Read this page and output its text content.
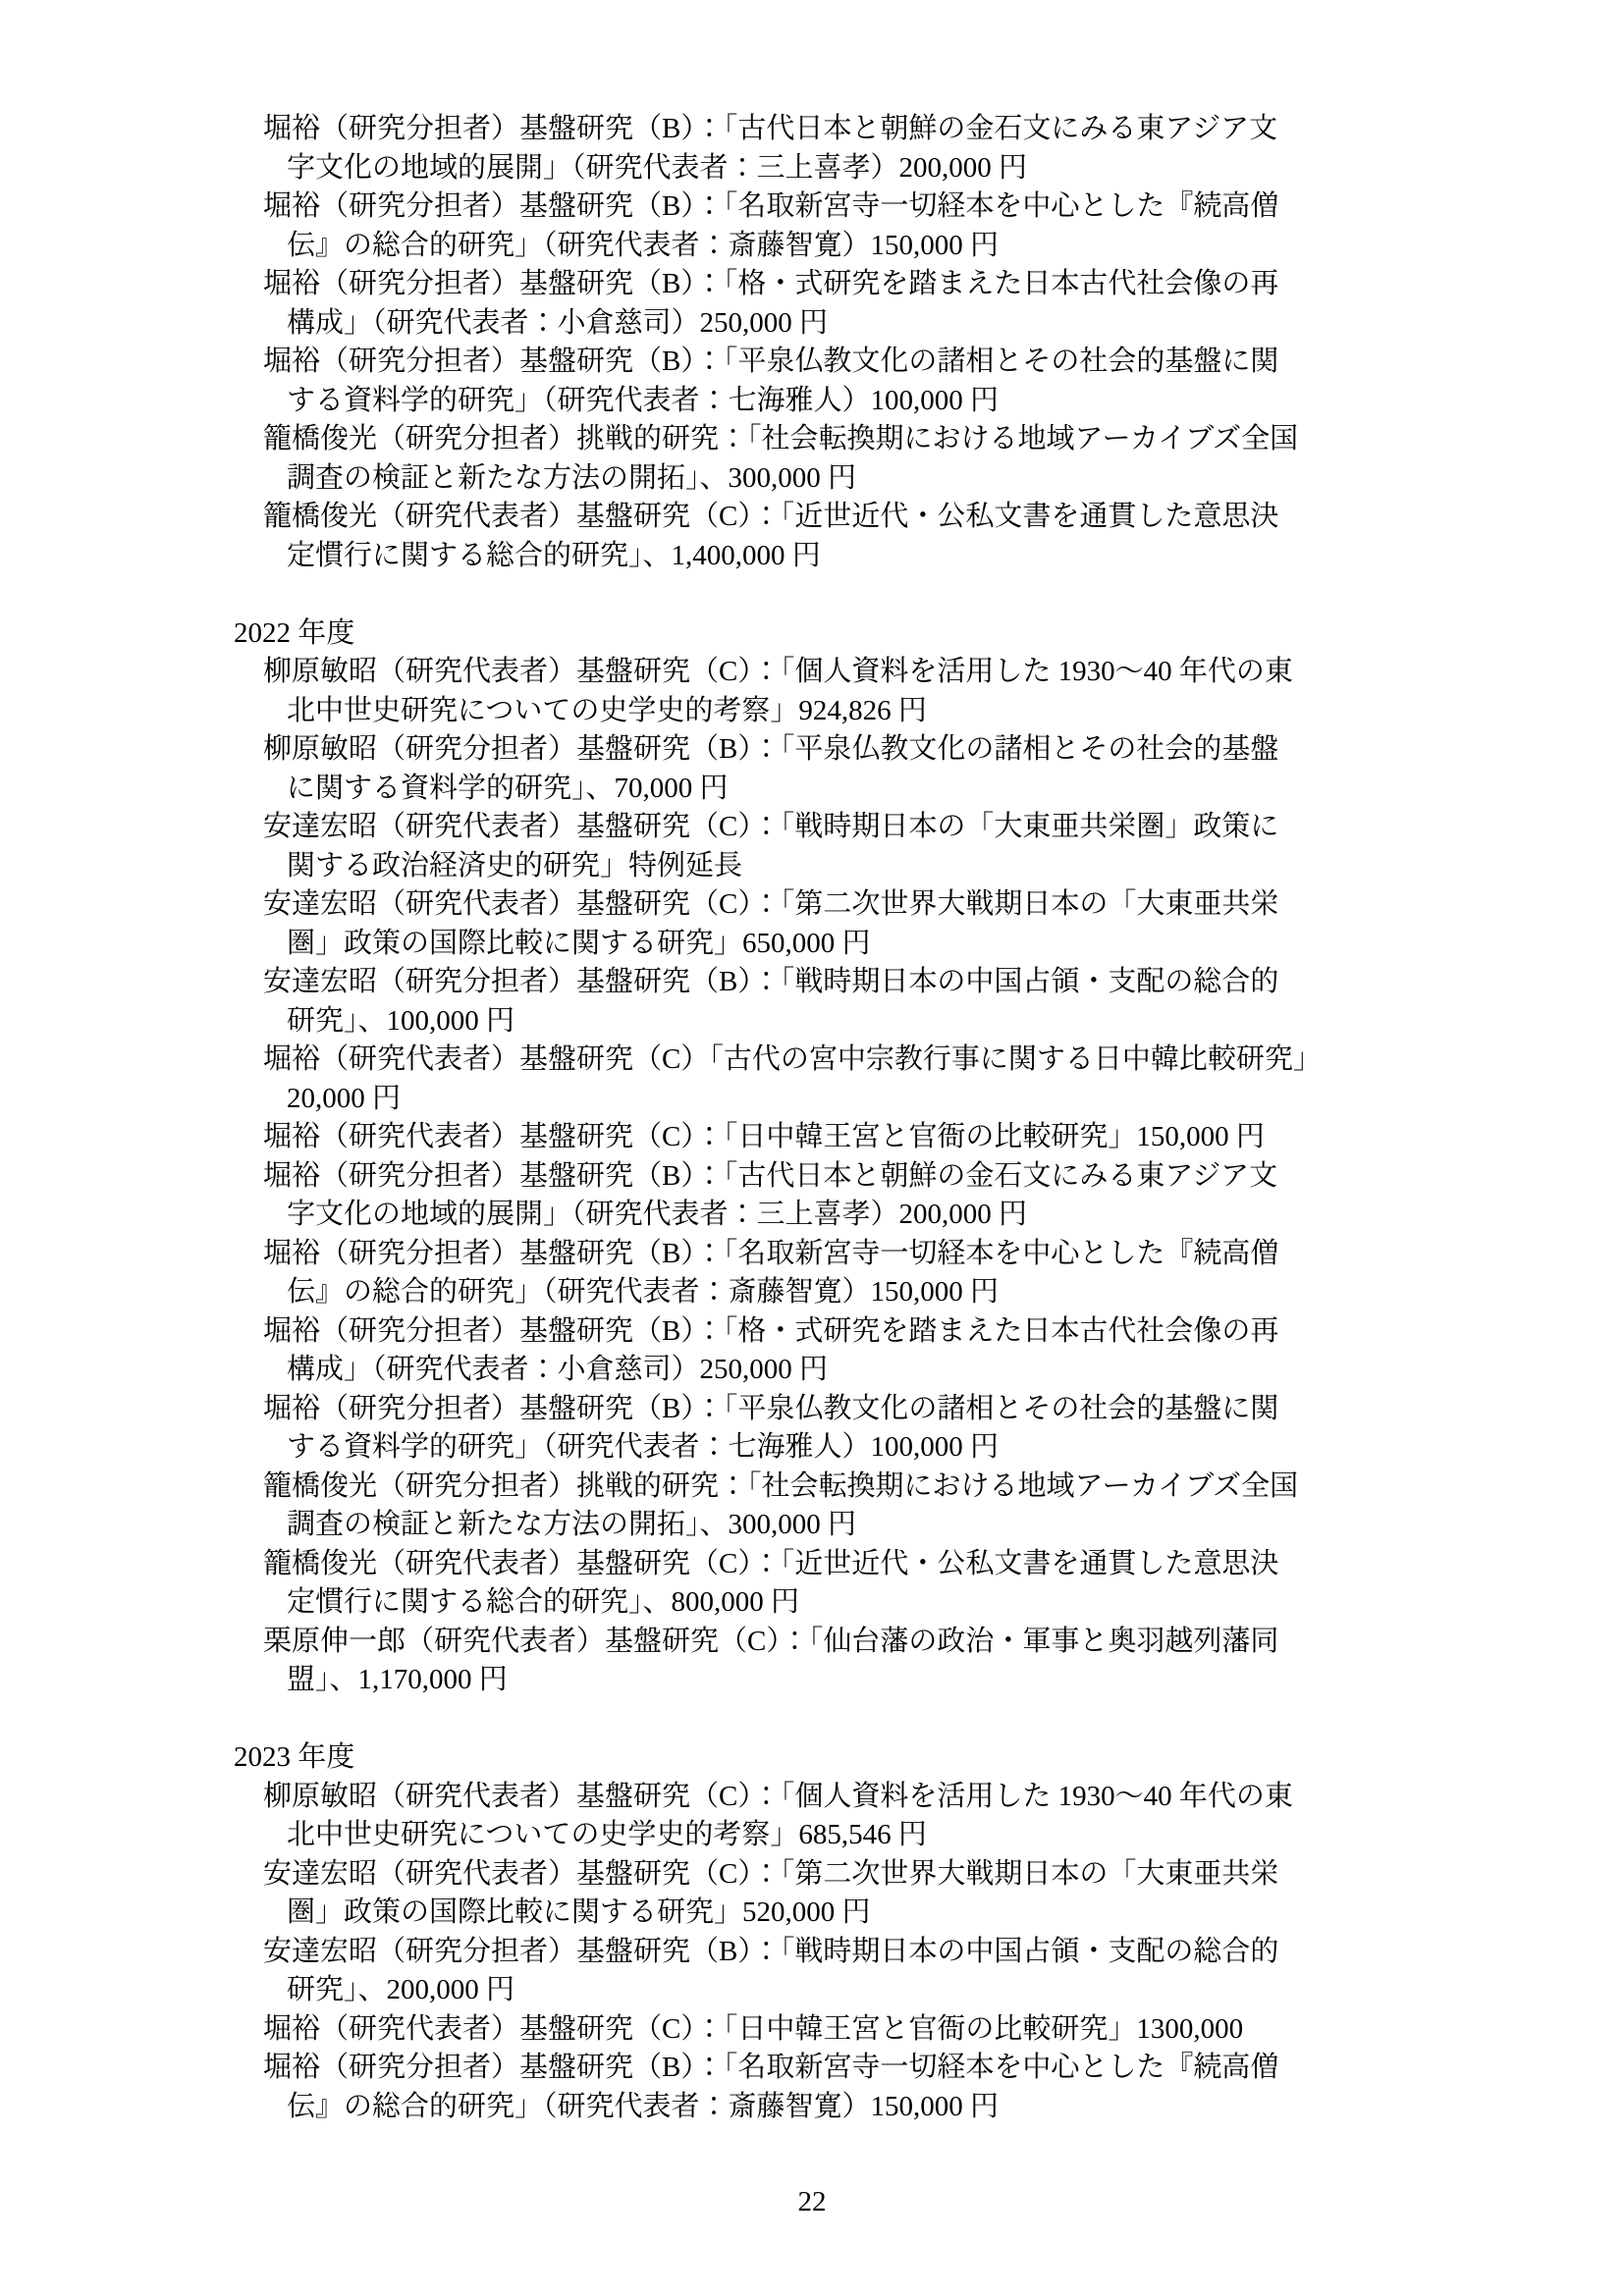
堀裕（研究分担者）基盤研究（B）：「古代日本と朝鮮の金石文にみる東アジア文
字文化の地域的展開」（研究代表者：三上喜孝）200,000 円
堀裕（研究分担者）基盤研究（B）：「名取新宮寺一切経本を中心とした『続高僧
伝』の総合的研究」（研究代表者：斎藤智寛）150,000 円
堀裕（研究分担者）基盤研究（B）：「格・式研究を踏まえた日本古代社会像の再
構成」（研究代表者：小倉慈司）250,000 円
堀裕（研究分担者）基盤研究（B）：「平泉仏教文化の諸相とその社会的基盤に関
する資料学的研究」（研究代表者：七海雅人）100,000 円
籠橋俊光（研究分担者）挑戦的研究：「社会転換期における地域アーカイブズ全国
調査の検証と新たな方法の開拓」、300,000 円
籠橋俊光（研究代表者）基盤研究（C）：「近世近代・公私文書を通貫した意思決
定慣行に関する総合的研究」、1,400,000 円
2022 年度
柳原敏昭（研究代表者）基盤研究（C）：「個人資料を活用した 1930～40 年代の東
北中世史研究についての史学史的考察」924,826 円
柳原敏昭（研究分担者）基盤研究（B）：「平泉仏教文化の諸相とその社会的基盤
に関する資料学的研究」、70,000 円
安達宏昭（研究代表者）基盤研究（C）：「戦時期日本の「大東亜共栄圏」政策に
関する政治経済史的研究」特例延長
安達宏昭（研究代表者）基盤研究（C）：「第二次世界大戦期日本の「大東亜共栄
圏」政策の国際比較に関する研究」650,000 円
安達宏昭（研究分担者）基盤研究（B）：「戦時期日本の中国占領・支配の総合的
研究」、100,000 円
堀裕（研究代表者）基盤研究（C）「古代の宮中宗教行事に関する日中韓比較研究」
20,000 円
堀裕（研究代表者）基盤研究（C）：「日中韓王宮と官衙の比較研究」150,000 円
堀裕（研究分担者）基盤研究（B）：「古代日本と朝鮮の金石文にみる東アジア文
字文化の地域的展開」（研究代表者：三上喜孝）200,000 円
堀裕（研究分担者）基盤研究（B）：「名取新宮寺一切経本を中心とした『続高僧
伝』の総合的研究」（研究代表者：斎藤智寛）150,000 円
堀裕（研究分担者）基盤研究（B）：「格・式研究を踏まえた日本古代社会像の再
構成」（研究代表者：小倉慈司）250,000 円
堀裕（研究分担者）基盤研究（B）：「平泉仏教文化の諸相とその社会的基盤に関
する資料学的研究」（研究代表者：七海雅人）100,000 円
籠橋俊光（研究分担者）挑戦的研究：「社会転換期における地域アーカイブズ全国
調査の検証と新たな方法の開拓」、300,000 円
籠橋俊光（研究代表者）基盤研究（C）：「近世近代・公私文書を通貫した意思決
定慣行に関する総合的研究」、800,000 円
栗原伸一郎（研究代表者）基盤研究（C）：「仙台藩の政治・軍事と奥羽越列藩同
盟」、1,170,000 円
2023 年度
柳原敏昭（研究代表者）基盤研究（C）：「個人資料を活用した 1930～40 年代の東
北中世史研究についての史学史的考察」685,546 円
安達宏昭（研究代表者）基盤研究（C）：「第二次世界大戦期日本の「大東亜共栄
圏」政策の国際比較に関する研究」520,000 円
安達宏昭（研究分担者）基盤研究（B）：「戦時期日本の中国占領・支配の総合的
研究」、200,000 円
堀裕（研究代表者）基盤研究（C）：「日中韓王宮と官衙の比較研究」1300,000
堀裕（研究分担者）基盤研究（B）：「名取新宮寺一切経本を中心とした『続高僧
伝』の総合的研究」（研究代表者：斎藤智寛）150,000 円
22
